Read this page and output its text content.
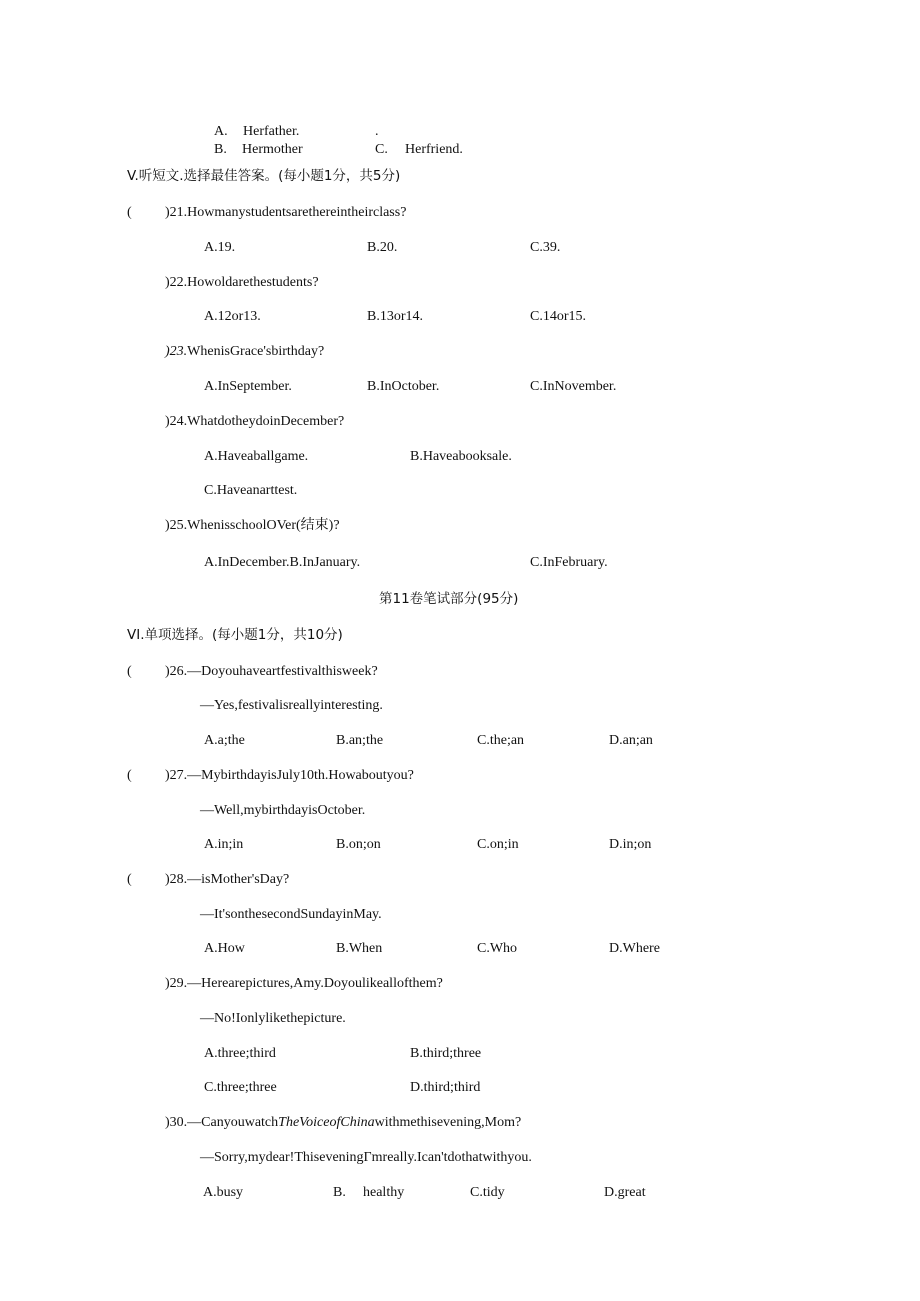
A. Herfather.	.
B. Hermother	C. Herfriend.
V.听短文.选择最佳答案。(每小题1分，共5分)
( )21.Howmanystudentsarethereintheirclass?
A.19.	B.20.	C.39.
)22.Howoldarethestudents?
A.12or13.	B.13or14.	C.14or15.
)23.WhenisGrace'sbirthday?
A.InSeptember.	B.InOctober.	C.InNovember.
)24.WhatdotheydoinDecember?
A.Haveaballgame.	B.Haveabooksale.
C.Haveanarttest.
)25.WhenisschoolOVer(结束)?
A.InDecember.B.InJanuary.	C.InFebruary.
第11卷笔试部分(95分)
VI.单项选择。(每小题1分，共10分)
( )26.—Doyouhaveartfestivalthisweek?
—Yes,festivalisreallyinteresting.
A.a;the	B.an;the	C.the;an	D.an;an
( )27.—MybirthdayisJuly10th.Howaboutyou?
—Well,mybirthdayisOctober.
A.in;in	B.on;on	C.on;in	D.in;on
( )28.—isMother'sDay?
—It'sonthesecondSundayinMay.
A.How	B.When	C.Who	D.Where
)29.—Herearepictures,Amy.Doyoulikeallofthem?
—No!Ionlylikethepicture.
A.three;third	B.third;three
C.three;three	D.third;third
)30.—CanyouwatchTheVoiceofChinawithmethisevening,Mom?
—Sorry,mydear!ThiseveningΓmreally.Ican'tdothatwithyou.
A.busy	B. healthy	C.tidy	D.great
